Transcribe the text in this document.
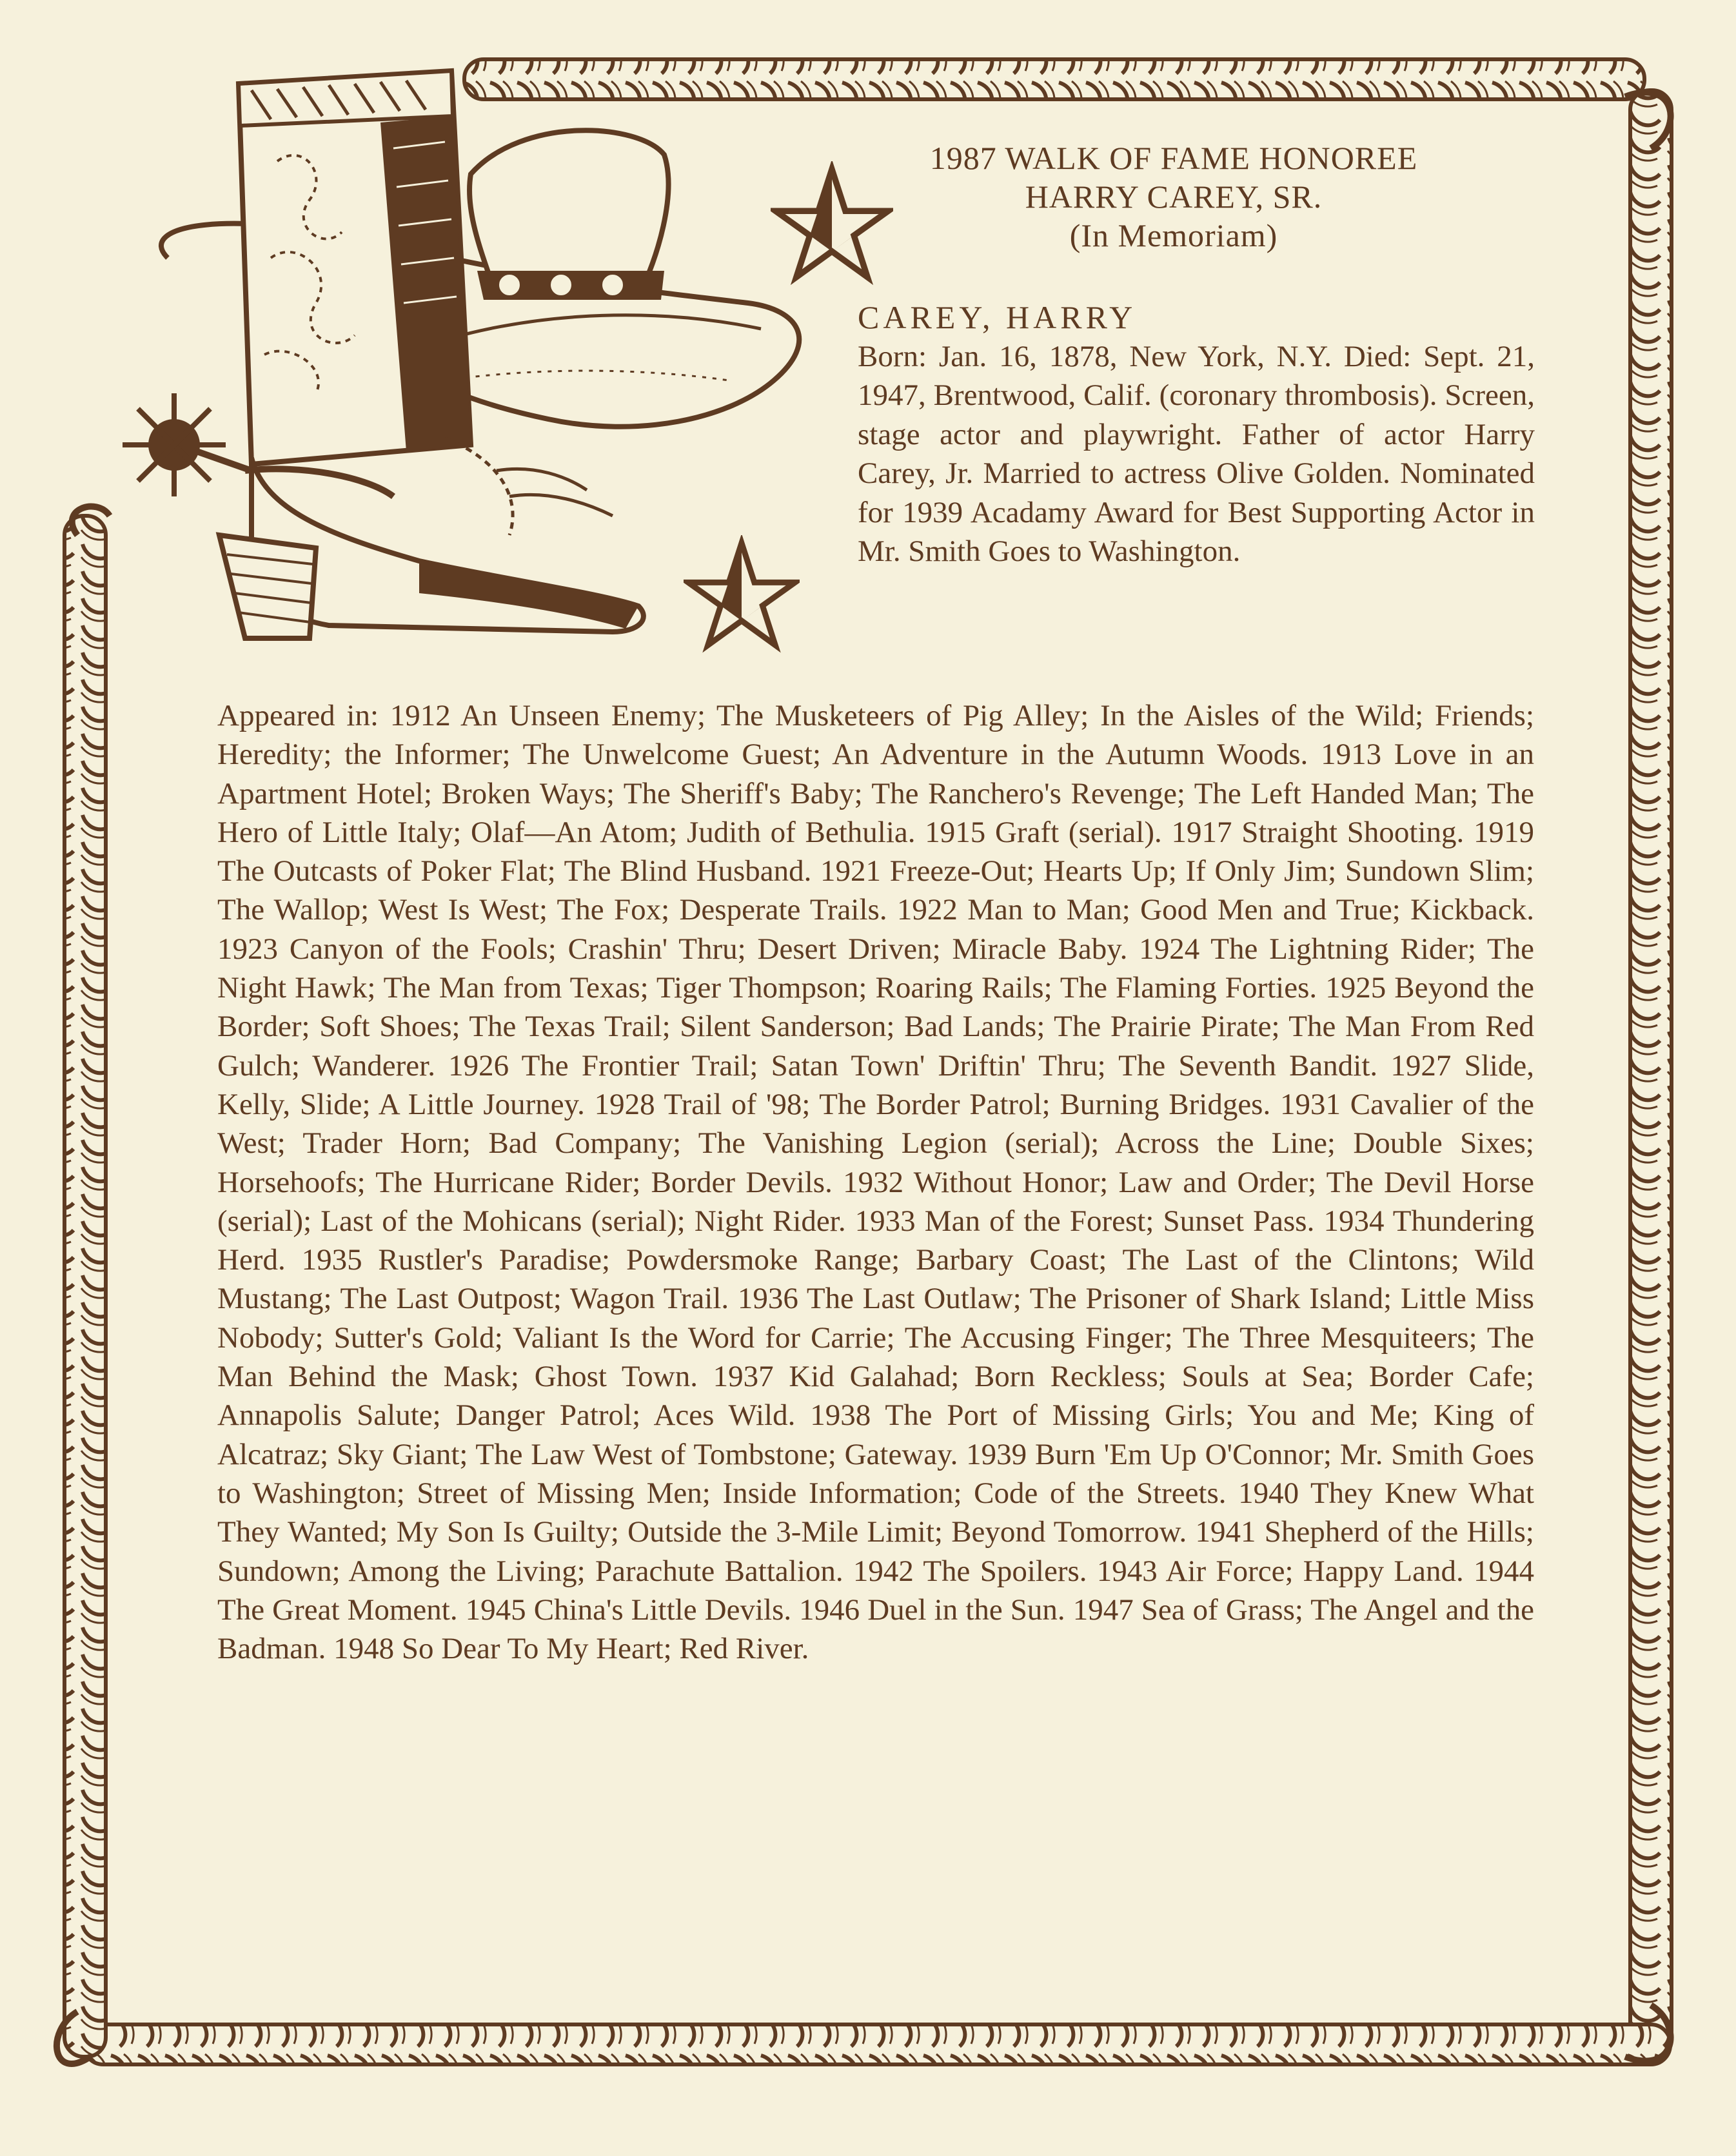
1987 WALK OF FAME HONOREE
HARRY CAREY, SR.
(In Memoriam)
CAREY, HARRY
Born: Jan. 16, 1878, New York, N.Y. Died: Sept. 21, 1947, Brentwood, Calif. (coronary thrombosis). Screen, stage actor and playwright. Father of actor Harry Carey, Jr. Married to actress Olive Golden. Nominated for 1939 Acadamy Award for Best Supporting Actor in Mr. Smith Goes to Washington.
Appeared in: 1912 An Unseen Enemy; The Musketeers of Pig Alley; In the Aisles of the Wild; Friends; Heredity; the Informer; The Unwelcome Guest; An Adventure in the Autumn Woods. 1913 Love in an Apartment Hotel; Broken Ways; The Sheriff's Baby; The Ranchero's Revenge; The Left Handed Man; The Hero of Little Italy; Olaf—An Atom; Judith of Bethulia. 1915 Graft (serial). 1917 Straight Shooting. 1919 The Outcasts of Poker Flat; The Blind Husband. 1921 Freeze-Out; Hearts Up; If Only Jim; Sundown Slim; The Wallop; West Is West; The Fox; Desperate Trails. 1922 Man to Man; Good Men and True; Kickback. 1923 Canyon of the Fools; Crashin' Thru; Desert Driven; Miracle Baby. 1924 The Lightning Rider; The Night Hawk; The Man from Texas; Tiger Thompson; Roaring Rails; The Flaming Forties. 1925 Beyond the Border; Soft Shoes; The Texas Trail; Silent Sanderson; Bad Lands; The Prairie Pirate; The Man From Red Gulch; Wanderer. 1926 The Frontier Trail; Satan Town' Driftin' Thru; The Seventh Bandit. 1927 Slide, Kelly, Slide; A Little Journey. 1928 Trail of '98; The Border Patrol; Burning Bridges. 1931 Cavalier of the West; Trader Horn; Bad Company; The Vanishing Legion (serial); Across the Line; Double Sixes; Horsehoofs; The Hurricane Rider; Border Devils. 1932 Without Honor; Law and Order; The Devil Horse (serial); Last of the Mohicans (serial); Night Rider. 1933 Man of the Forest; Sunset Pass. 1934 Thundering Herd. 1935 Rustler's Paradise; Powdersmoke Range; Barbary Coast; The Last of the Clintons; Wild Mustang; The Last Outpost; Wagon Trail. 1936 The Last Outlaw; The Prisoner of Shark Island; Little Miss Nobody; Sutter's Gold; Valiant Is the Word for Carrie; The Accusing Finger; The Three Mesquiteers; The Man Behind the Mask; Ghost Town. 1937 Kid Galahad; Born Reckless; Souls at Sea; Border Cafe; Annapolis Salute; Danger Patrol; Aces Wild. 1938 The Port of Missing Girls; You and Me; King of Alcatraz; Sky Giant; The Law West of Tombstone; Gateway. 1939 Burn 'Em Up O'Connor; Mr. Smith Goes to Washington; Street of Missing Men; Inside Information; Code of the Streets. 1940 They Knew What They Wanted; My Son Is Guilty; Outside the 3-Mile Limit; Beyond Tomorrow. 1941 Shepherd of the Hills; Sundown; Among the Living; Parachute Battalion. 1942 The Spoilers. 1943 Air Force; Happy Land. 1944 The Great Moment. 1945 China's Little Devils. 1946 Duel in the Sun. 1947 Sea of Grass; The Angel and the Badman. 1948 So Dear To My Heart; Red River.
